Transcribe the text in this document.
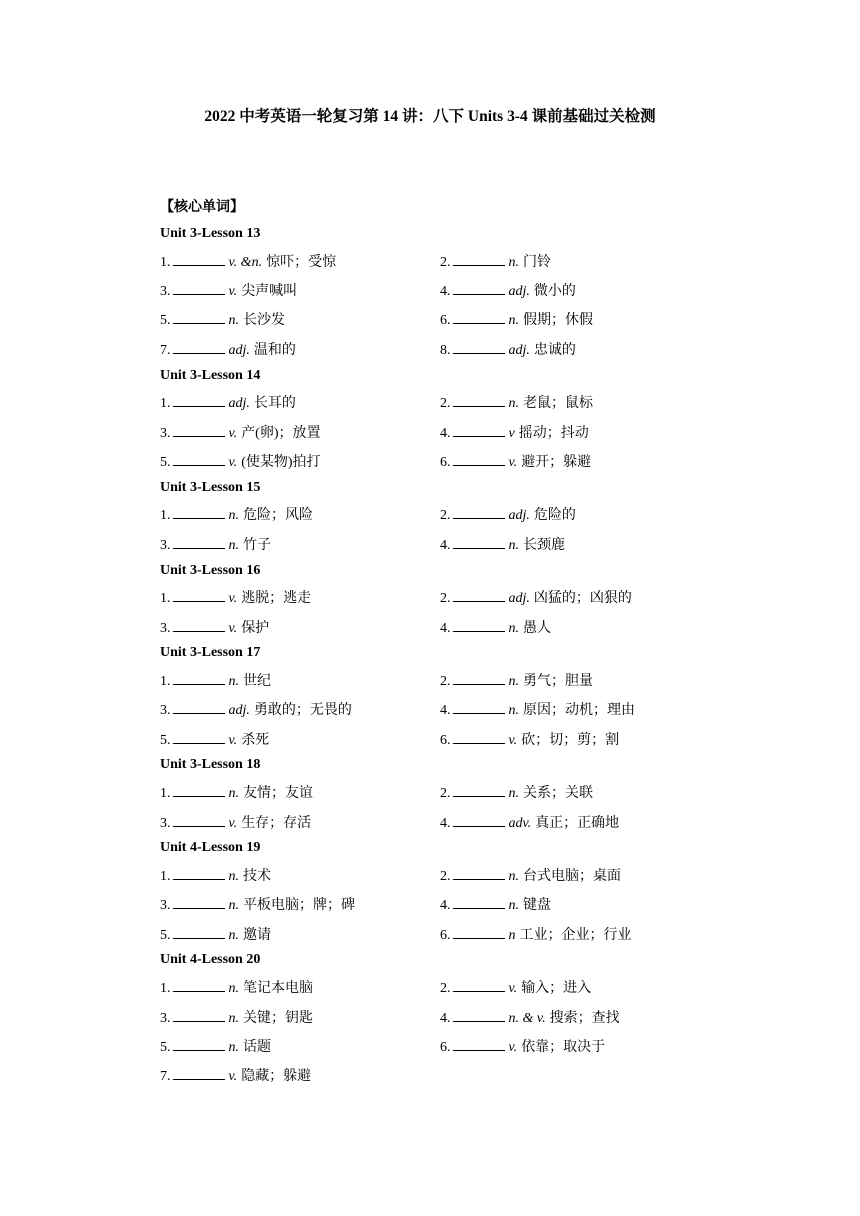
2022 中考英语一轮复习第 14 讲：八下 Units 3-4 课前基础过关检测
【核心单词】
Unit 3-Lesson 13
1.	v. &n. 惊吓；受惊	2.	n. 门铃
3.	v. 尖声喊叫	4.	adj. 微小的
5.	n. 长沙发	6.	n. 假期；休假
7.	adj. 温和的	8.	adj. 忠诚的
Unit 3-Lesson 14
1.	adj. 长耳的	2.	n. 老鼠；鼠标
3.	v. 产(卵)；放置	4.	v 摇动；抖动
5.	v. (使某物)拍打	6.	v. 避开；躲避
Unit 3-Lesson 15
1.	n. 危险；风险	2.	adj. 危险的
3.	n. 竹子	4.	n. 长颈鹿
Unit 3-Lesson 16
1.	v. 逃脱；逃走	2.	adj. 凶猛的；凶狠的
3.	v. 保护	4.	n. 愚人
Unit 3-Lesson 17
1.	n. 世纪	2.	n. 勇气；胆量
3.	adj. 勇敢的；无畏的	4.	n. 原因；动机；理由
5.	v. 杀死	6.	v. 砍；切；剪；割
Unit 3-Lesson 18
1.	n. 友情；友谊	2.	n. 关系；关联
3.	v. 生存；存活	4.	adv. 真正；正确地
Unit 4-Lesson 19
1.	n. 技术	2.	n. 台式电脑；桌面
3.	n. 平板电脑；牌；碑	4.	n. 键盘
5.	n. 邀请	6.	n 工业；企业；行业
Unit 4-Lesson 20
1.	n. 笔记本电脑	2.	v. 输入；进入
3.	n. 关键；钥匙	4.	n. & v. 搜索；查找
5.	n. 话题	6.	v. 依靠；取决于
7.	v. 隐藏；躲避
